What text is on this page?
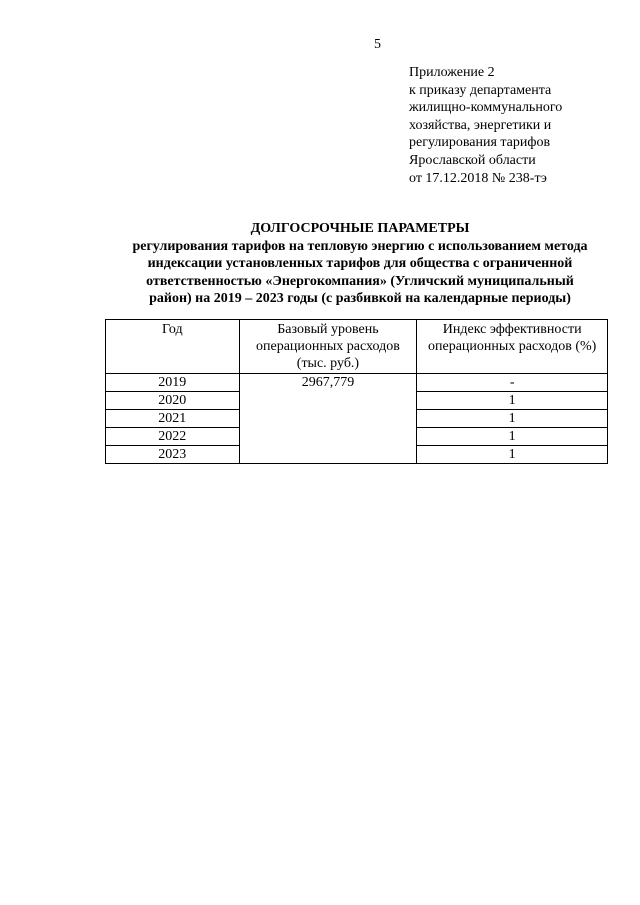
5
Приложение 2
к приказу департамента
жилищно-коммунального
хозяйства, энергетики и
регулирования тарифов
Ярославской области
от 17.12.2018 № 238-тэ
ДОЛГОСРОЧНЫЕ ПАРАМЕТРЫ
регулирования тарифов на тепловую энергию с использованием метода
индексации установленных тарифов для общества с ограниченной
ответственностью «Энергокомпания» (Угличский муниципальный
район) на 2019 – 2023 годы (с разбивкой на календарные периоды)
Год	Базовый уровень операционных расходов (тыс. руб.)	Индекс эффективности операционных расходов (%)
2019	2967,779	-
2020		1
2021		1
2022		1
2023		1
